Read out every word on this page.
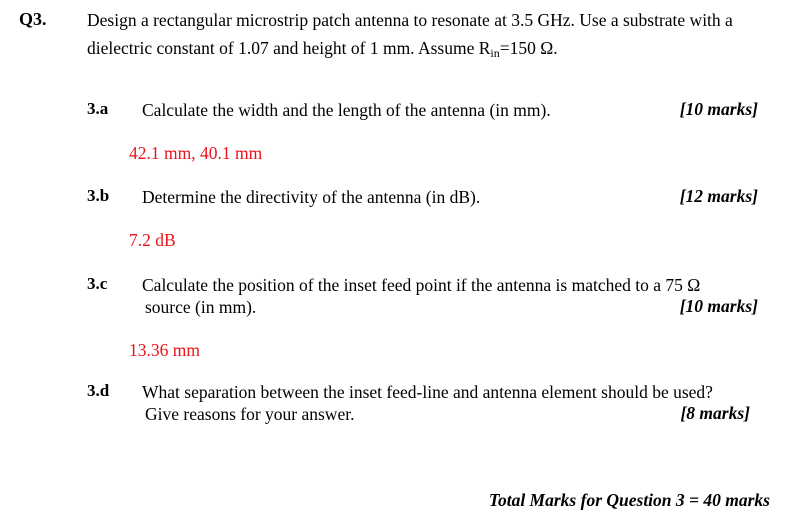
Q3. Design a rectangular microstrip patch antenna to resonate at 3.5 GHz. Use a substrate with a
dielectric constant of 1.07 and height of 1 mm. Assume $R_{in}=150$ Ω.
3.a Calculate the width and the length of the antenna (in mm).	[10 marks]
42.1 mm, 40.1 mm
3.b Determine the directivity of the antenna (in dB).	[12 marks]
7.2 dB
3.c Calculate the position of the inset feed point if the antenna is matched to a 75 Ω
source (in mm).	[10 marks]
13.36 mm
3.d What separation between the inset feed-line and antenna element should be used?
Give reasons for your answer.	[8 marks]
Total Marks for Question 3 = 40 marks
